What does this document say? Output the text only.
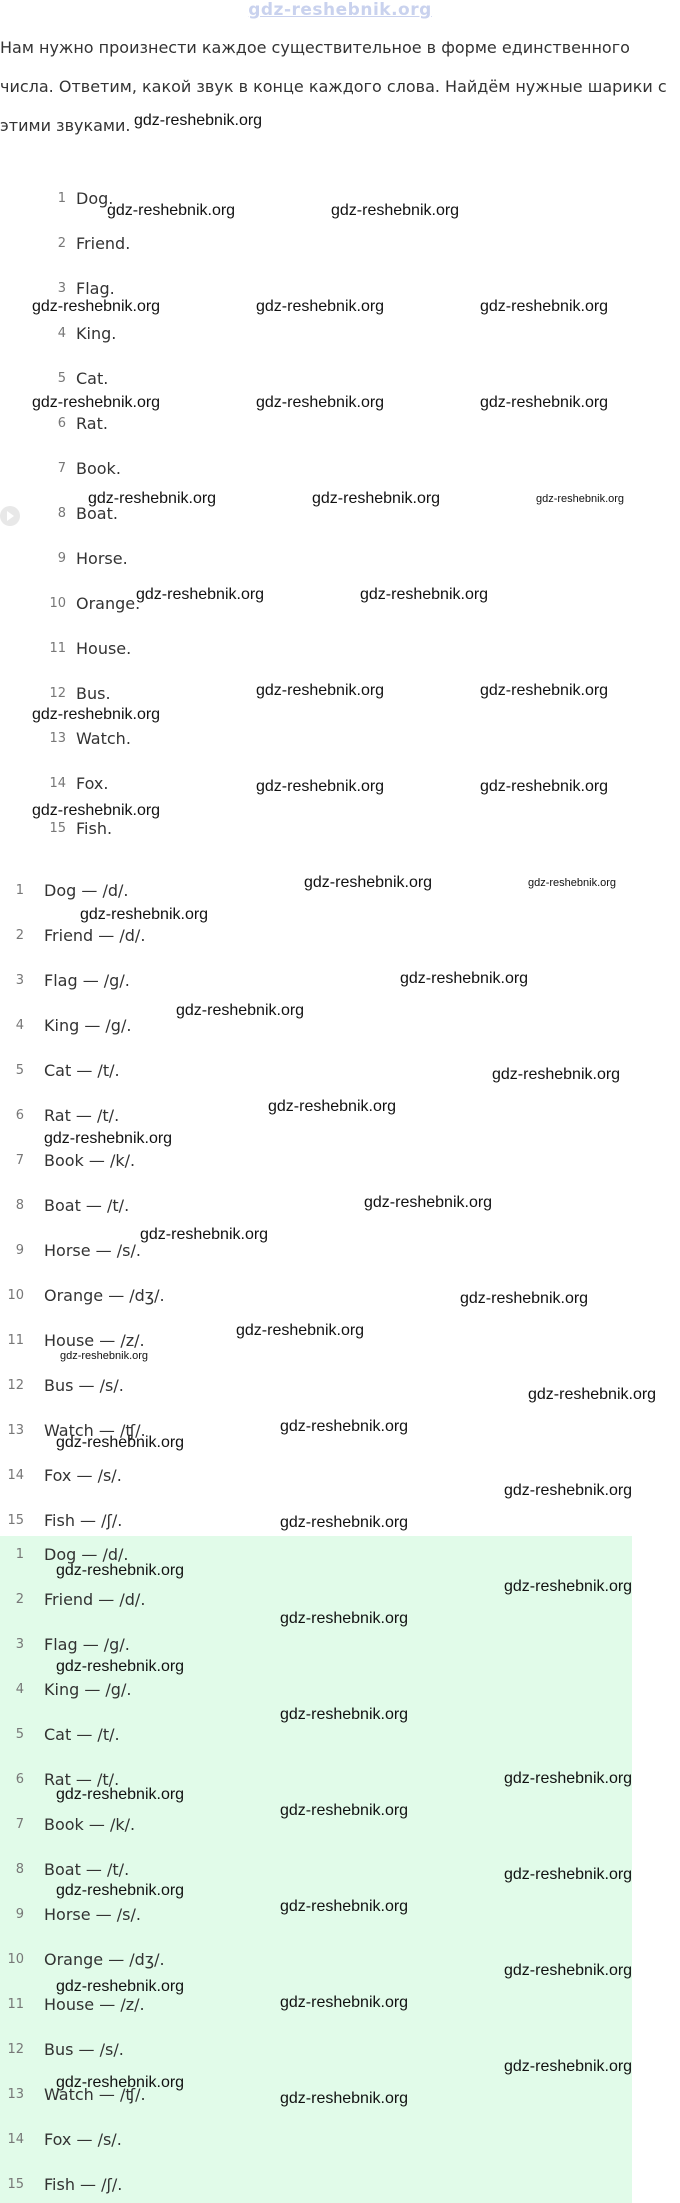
gdz-reshebnik.org

Нам нужно произнести каждое существительное в форме единственного числа. Ответим, какой звук в конце каждого слова. Найдём нужные шарики с этими звуками.

1 Dog.
2 Friend.
3 Flag.
4 King.
5 Cat.
6 Rat.
7 Book.
8 Boat.
9 Horse.
10 Orange.
11 House.
12 Bus.
13 Watch.
14 Fox.
15 Fish.
1 Dog — /d/.
2 Friend — /d/.
3 Flag — /g/.
4 King — /g/.
5 Cat — /t/.
6 Rat — /t/.
7 Book — /k/.
8 Boat — /t/.
9 Horse — /s/.
10 Orange — /dʒ/.
11 House — /z/.
12 Bus — /s/.
13 Watch — /ʧ/.
14 Fox — /s/.
15 Fish — /ʃ/.
1 Dog — /d/.
2 Friend — /d/.
3 Flag — /g/.
4 King — /g/.
5 Cat — /t/.
6 Rat — /t/.
7 Book — /k/.
8 Boat — /t/.
9 Horse — /s/.
10 Orange — /dʒ/.
11 House — /z/.
12 Bus — /s/.
13 Watch — /ʧ/.
14 Fox — /s/.
15 Fish — /ʃ/.
gdz-reshebnik.org
gdz-reshebnik.org	gdz-reshebnik.org
gdz-reshebnik.org	gdz-reshebnik.org	gdz-reshebnik.org
gdz-reshebnik.org	gdz-reshebnik.org	gdz-reshebnik.org
gdz-reshebnik.org	gdz-reshebnik.org	gdz-reshebnik.org
gdz-reshebnik.org	gdz-reshebnik.org
gdz-reshebnik.org	gdz-reshebnik.org
gdz-reshebnik.org
gdz-reshebnik.org	gdz-reshebnik.org
gdz-reshebnik.org
gdz-reshebnik.org	gdz-reshebnik.org
gdz-reshebnik.org
gdz-reshebnik.org
gdz-reshebnik.org
gdz-reshebnik.org
gdz-reshebnik.org
gdz-reshebnik.org
gdz-reshebnik.org
gdz-reshebnik.org
gdz-reshebnik.org
gdz-reshebnik.org
gdz-reshebnik.org
gdz-reshebnik.org
gdz-reshebnik.org
gdz-reshebnik.org
gdz-reshebnik.org
gdz-reshebnik.org
gdz-reshebnik.org
gdz-reshebnik.org
gdz-reshebnik.org
gdz-reshebnik.org
gdz-reshebnik.org
gdz-reshebnik.org
gdz-reshebnik.org
gdz-reshebnik.org
gdz-reshebnik.org
gdz-reshebnik.org
gdz-reshebnik.org
gdz-reshebnik.org
gdz-reshebnik.org
gdz-reshebnik.org
gdz-reshebnik.org
gdz-reshebnik.org
gdz-reshebnik.org
